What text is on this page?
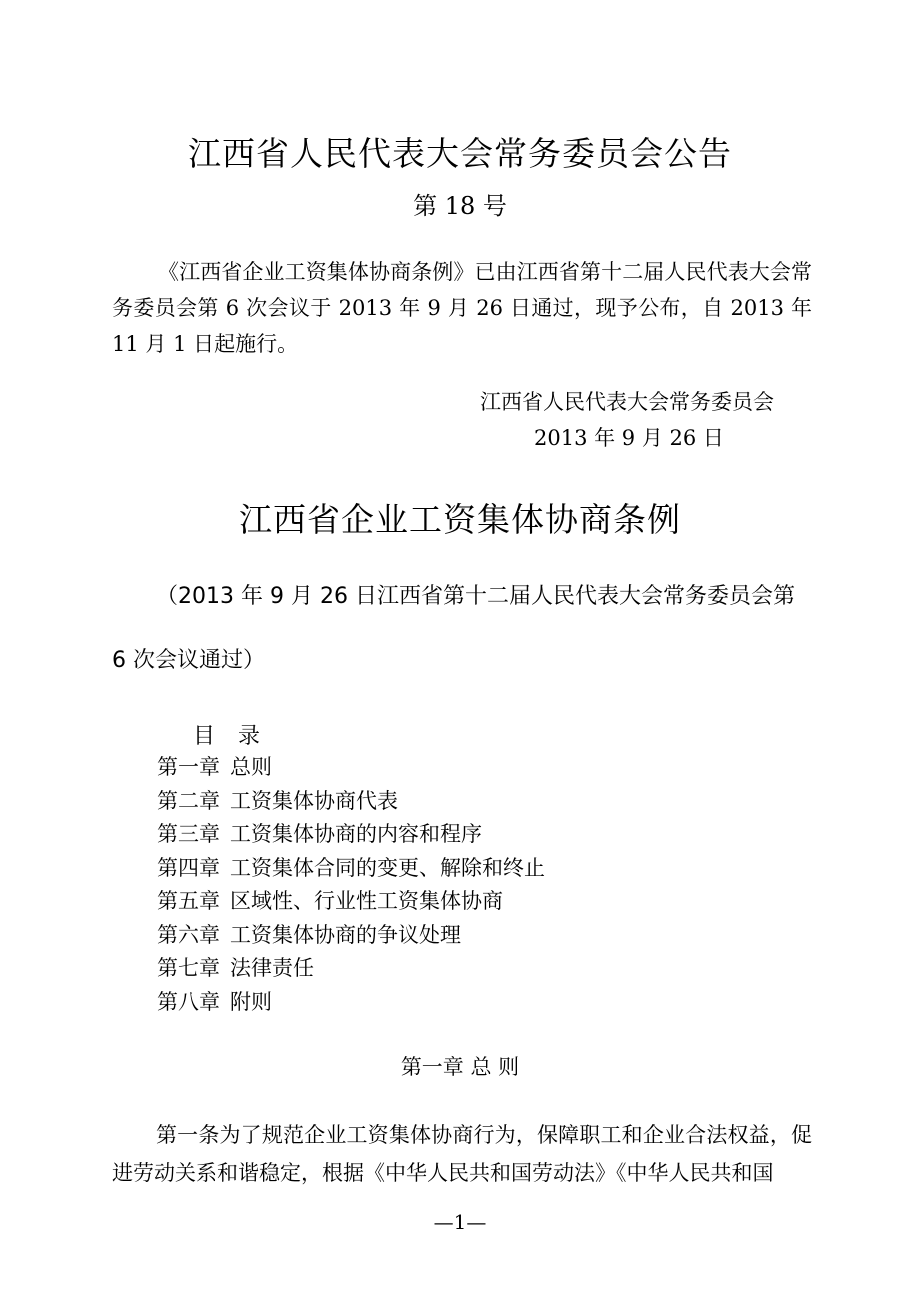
江西省人民代表大会常务委员会公告
第 18 号
《江西省企业工资集体协商条例》已由江西省第十二届人民代表大会常务委员会第 6 次会议于 2013 年 9 月 26 日通过，现予公布，自 2013 年 11 月 1 日起施行。
江西省人民代表大会常务委员会
2013 年 9 月 26 日
江西省企业工资集体协商条例
（2013 年 9 月 26 日江西省第十二届人民代表大会常务委员会第 6 次会议通过）
目 录
第一章 总则
第二章 工资集体协商代表
第三章 工资集体协商的内容和程序
第四章 工资集体合同的变更、解除和终止
第五章 区域性、行业性工资集体协商
第六章 工资集体协商的争议处理
第七章 法律责任
第八章 附则
第一章 总 则
第一条为了规范企业工资集体协商行为，保障职工和企业合法权益，促进劳动关系和谐稳定，根据《中华人民共和国劳动法》《中华人民共和国
—1—
